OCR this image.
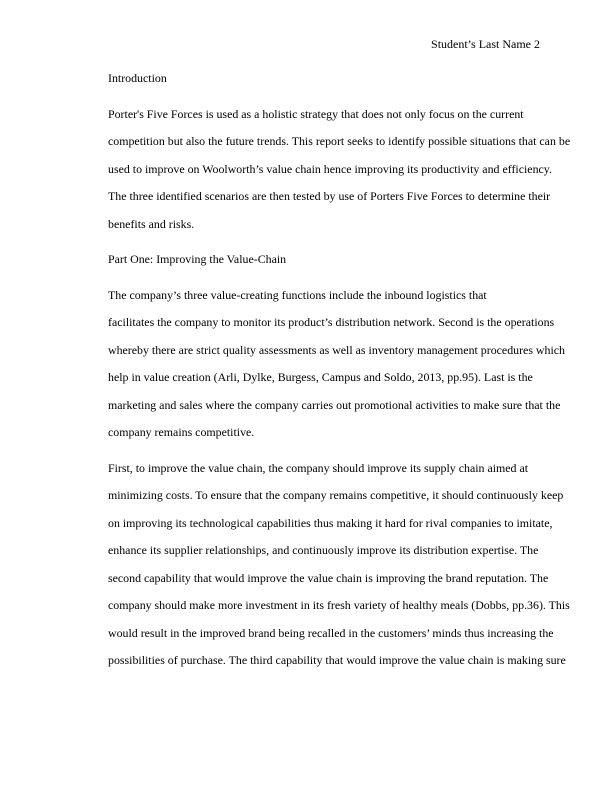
Student’s Last Name 2
Introduction
Porter's Five Forces is used as a holistic strategy that does not only focus on the current
competition but also the future trends. This report seeks to identify possible situations that can be
used to improve on Woolworth’s value chain hence improving its productivity and efficiency.
The three identified scenarios are then tested by use of Porters Five Forces to determine their
benefits and risks.
Part One: Improving the Value-Chain
The company’s three value-creating functions include the inbound logistics that
facilitates the company to monitor its product’s distribution network. Second is the operations
whereby there are strict quality assessments as well as inventory management procedures which
help in value creation (Arli, Dylke, Burgess, Campus and Soldo, 2013, pp.95). Last is the
marketing and sales where the company carries out promotional activities to make sure that the
company remains competitive.
First, to improve the value chain, the company should improve its supply chain aimed at
minimizing costs. To ensure that the company remains competitive, it should continuously keep
on improving its technological capabilities thus making it hard for rival companies to imitate,
enhance its supplier relationships, and continuously improve its distribution expertise. The
second capability that would improve the value chain is improving the brand reputation. The
company should make more investment in its fresh variety of healthy meals (Dobbs, pp.36). This
would result in the improved brand being recalled in the customers’ minds thus increasing the
possibilities of purchase. The third capability that would improve the value chain is making sure
